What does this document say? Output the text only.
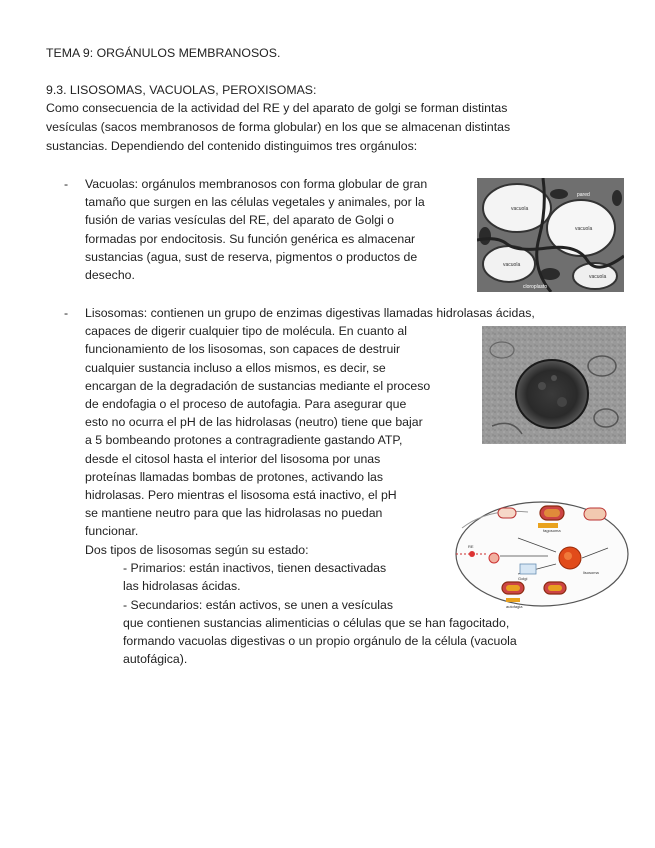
TEMA 9: ORGÁNULOS MEMBRANOSOS.

9.3. LISOSOMAS, VACUOLAS, PEROXISOMAS:

Como consecuencia de la actividad del RE y del aparato de golgi se forman distintas

vesículas (sacos membranosos de forma globular) en los que se almacenan distintas

sustancias. Dependiendo del contenido distinguimos tres orgánulos:

- Vacuolas: orgánulos membranosos con forma globular de gran

tamaño que surgen en las células vegetales y animales, por la

fusión de varias vesículas del RE, del aparato de Golgi o

formadas por endocitosis. Su función genérica es almacenar

sustancias (agua, sust de reserva, pigmentos o productos de

desecho.

- Lisosomas: contienen un grupo de enzimas digestivas llamadas hidrolasas ácidas,

capaces de digerir cualquier tipo de molécula. En cuanto al

funcionamiento de los lisosomas, son capaces de destruir

cualquier sustancia incluso a ellos mismos, es decir, se

encargan de la degradación de sustancias mediante el proceso

de endofagia o el proceso de autofagia. Para asegurar que

esto no ocurra el pH de las hidrolasas (neutro) tiene que bajar

a 5 bombeando protones a contragradiente gastando ATP,

desde el citosol hasta el interior del lisosoma por unas

proteínas llamadas bombas de protones, activando las

hidrolasas. Pero mientras el lisosoma está inactivo, el pH

se mantiene neutro para que las hidrolasas no puedan

funcionar.

Dos tipos de lisosomas según su estado:

- Primarios: están inactivos, tienen desactivadas

las hidrolasas ácidas.

- Secundarios: están activos, se unen a vesículas

que contienen sustancias alimenticias o células que se han fagocitado,

formando vacuolas digestivas o un propio orgánulo de la célula (vacuola

autofágica).

vacuola
vacuola
vacuola
vacuola
pared
cloroplasto
fagosoma
lisosoma
autofagia
Golgi
RE
